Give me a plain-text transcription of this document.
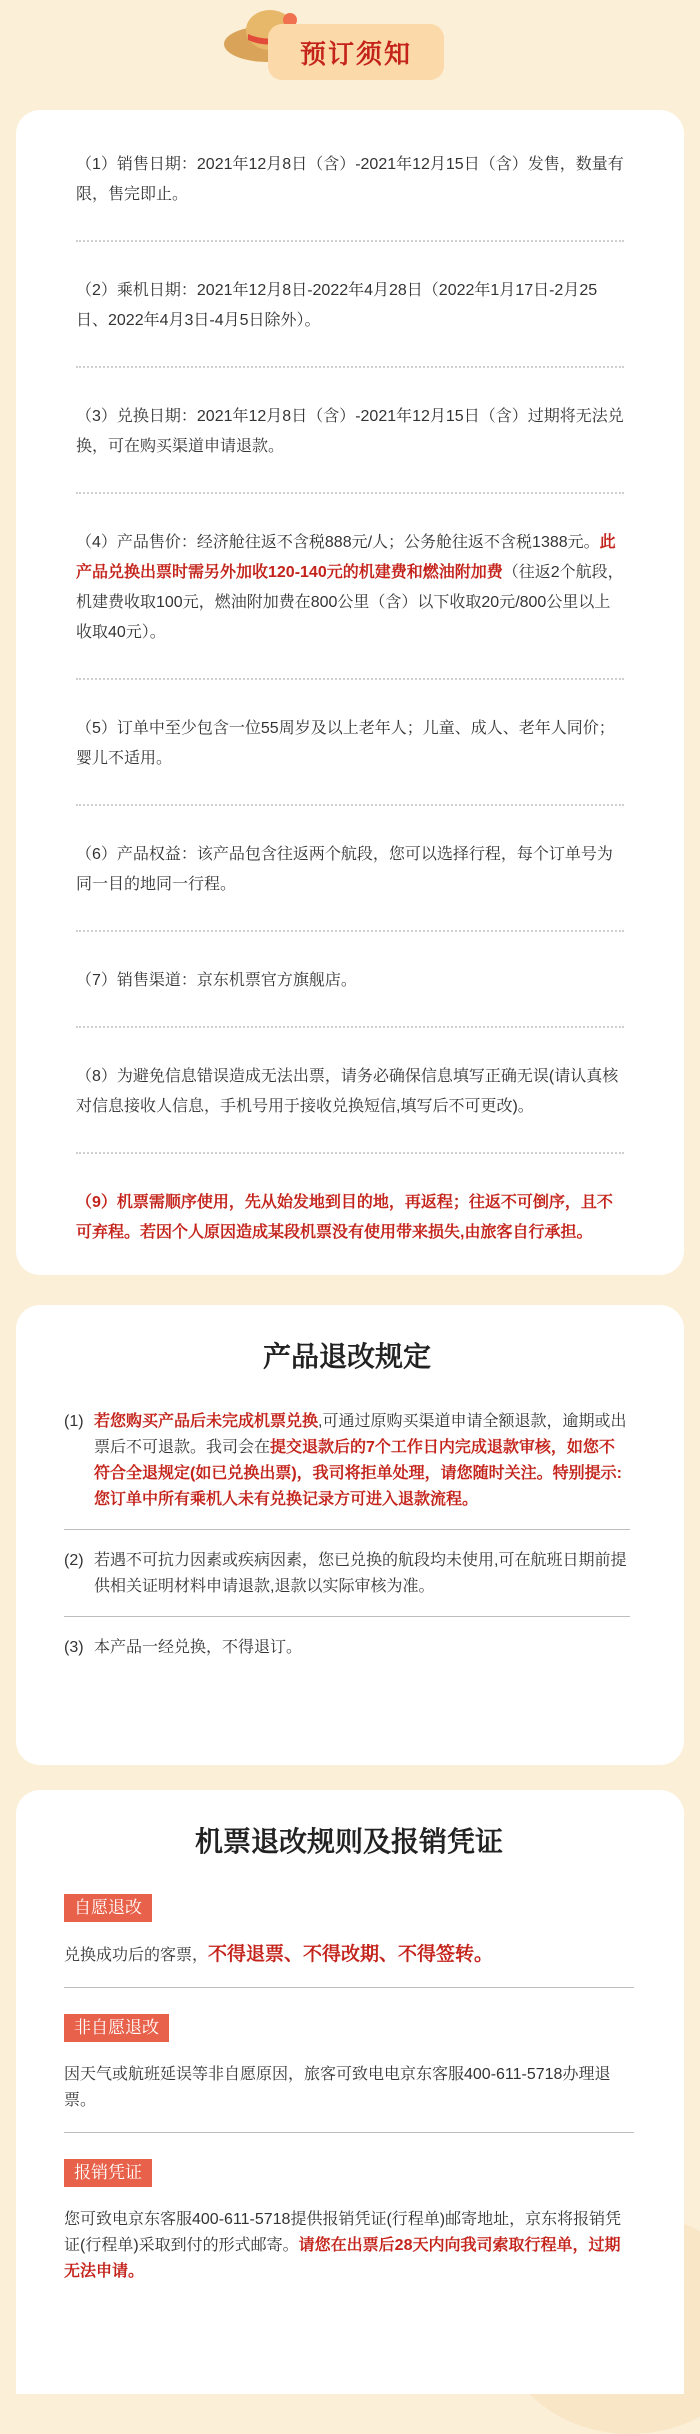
预订须知
（1）销售日期：2021年12月8日（含）-2021年12月15日（含）发售，数量有限，售完即止。
（2）乘机日期：2021年12月8日-2022年4月28日（2022年1月17日-2月25日、2022年4月3日-4月5日除外）。
（3）兑换日期：2021年12月8日（含）-2021年12月15日（含）过期将无法兑换，可在购买渠道申请退款。
（4）产品售价：经济舱往返不含税888元/人；公务舱往返不含税1388元。此产品兑换出票时需另外加收120-140元的机建费和燃油附加费（往返2个航段，机建费收取100元，燃油附加费在800公里（含）以下收取20元/800公里以上收取40元）。
（5）订单中至少包含一位55周岁及以上老年人；儿童、成人、老年人同价；婴儿不适用。
（6）产品权益：该产品包含往返两个航段，您可以选择行程，每个订单号为同一目的地同一行程。
（7）销售渠道：京东机票官方旗舰店。
（8）为避免信息错误造成无法出票，请务必确保信息填写正确无误(请认真核对信息接收人信息，手机号用于接收兑换短信,填写后不可更改)。
（9）机票需顺序使用，先从始发地到目的地，再返程；往返不可倒序，且不可弃程。若因个人原因造成某段机票没有使用带来损失,由旅客自行承担。
产品退改规定
(1) 若您购买产品后未完成机票兑换,可通过原购买渠道申请全额退款，逾期或出票后不可退款。我司会在提交退款后的7个工作日内完成退款审核，如您不符合全退规定(如已兑换出票)，我司将拒单处理，请您随时关注。特别提示:您订单中所有乘机人未有兑换记录方可进入退款流程。
(2) 若遇不可抗力因素或疾病因素，您已兑换的航段均未使用,可在航班日期前提供相关证明材料申请退款,退款以实际审核为准。
(3) 本产品一经兑换，不得退订。
机票退改规则及报销凭证
自愿退改
兑换成功后的客票，不得退票、不得改期、不得签转。
非自愿退改
因天气或航班延误等非自愿原因，旅客可致电电京东客服400-611-5718办理退票。
报销凭证
您可致电京东客服400-611-5718提供报销凭证(行程单)邮寄地址，京东将报销凭证(行程单)采取到付的形式邮寄。请您在出票后28天内向我司索取行程单，过期无法申请。
